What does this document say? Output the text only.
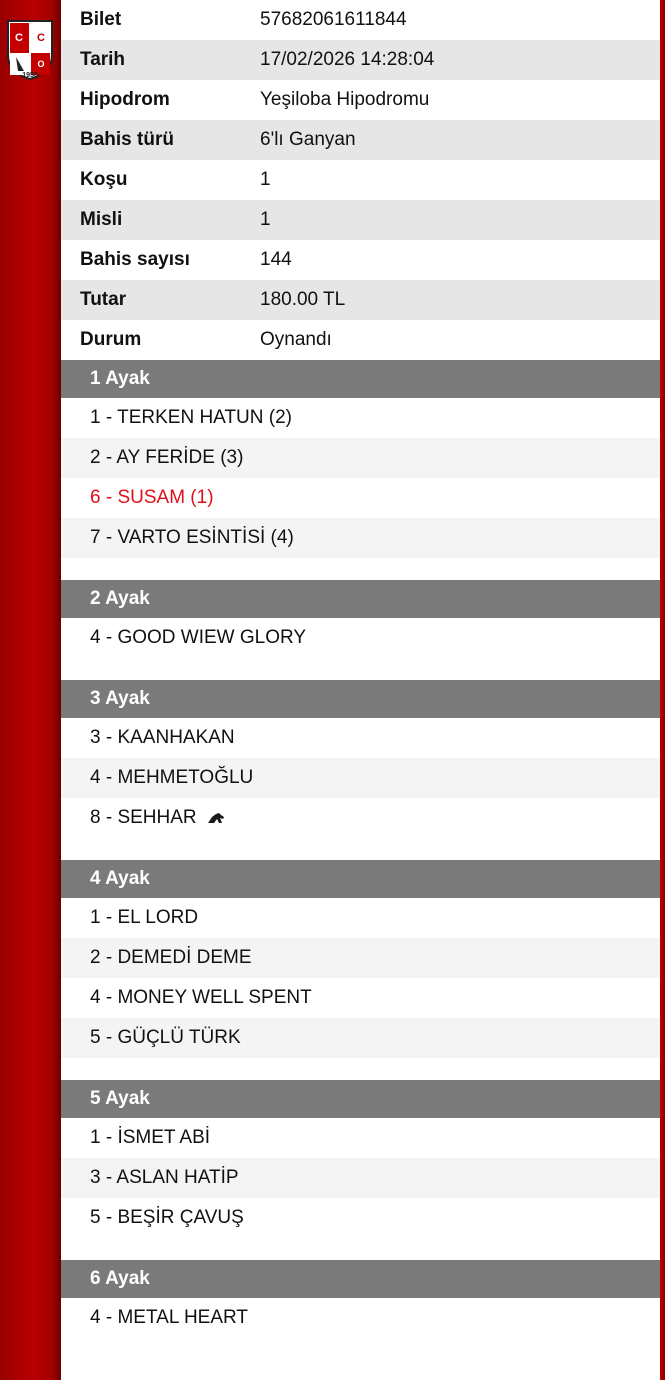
C C
O
1950
Bilet	57682061611844
Tarih	17/02/2026 14:28:04
Hipodrom	Yeşiloba Hipodromu
Bahis türü	6'lı Ganyan
Koşu	1
Misli	1
Bahis sayısı	144
Tutar	180.00 TL
Durum	Oynandı
1 Ayak
1 - TERKEN HATUN (2)
2 - AY FERİDE (3)
6 - SUSAM (1)
7 - VARTO ESİNTİSİ (4)
2 Ayak
4 - GOOD WIEW GLORY
3 Ayak
3 - KAANHAKAN
4 - MEHMETOĞLU
8 - SEHHAR
4 Ayak
1 - EL LORD
2 - DEMEDİ DEME
4 - MONEY WELL SPENT
5 - GÜÇLÜ TÜRK
5 Ayak
1 - İSMET ABİ
3 - ASLAN HATİP
5 - BEŞİR ÇAVUŞ
6 Ayak
4 - METAL HEART
